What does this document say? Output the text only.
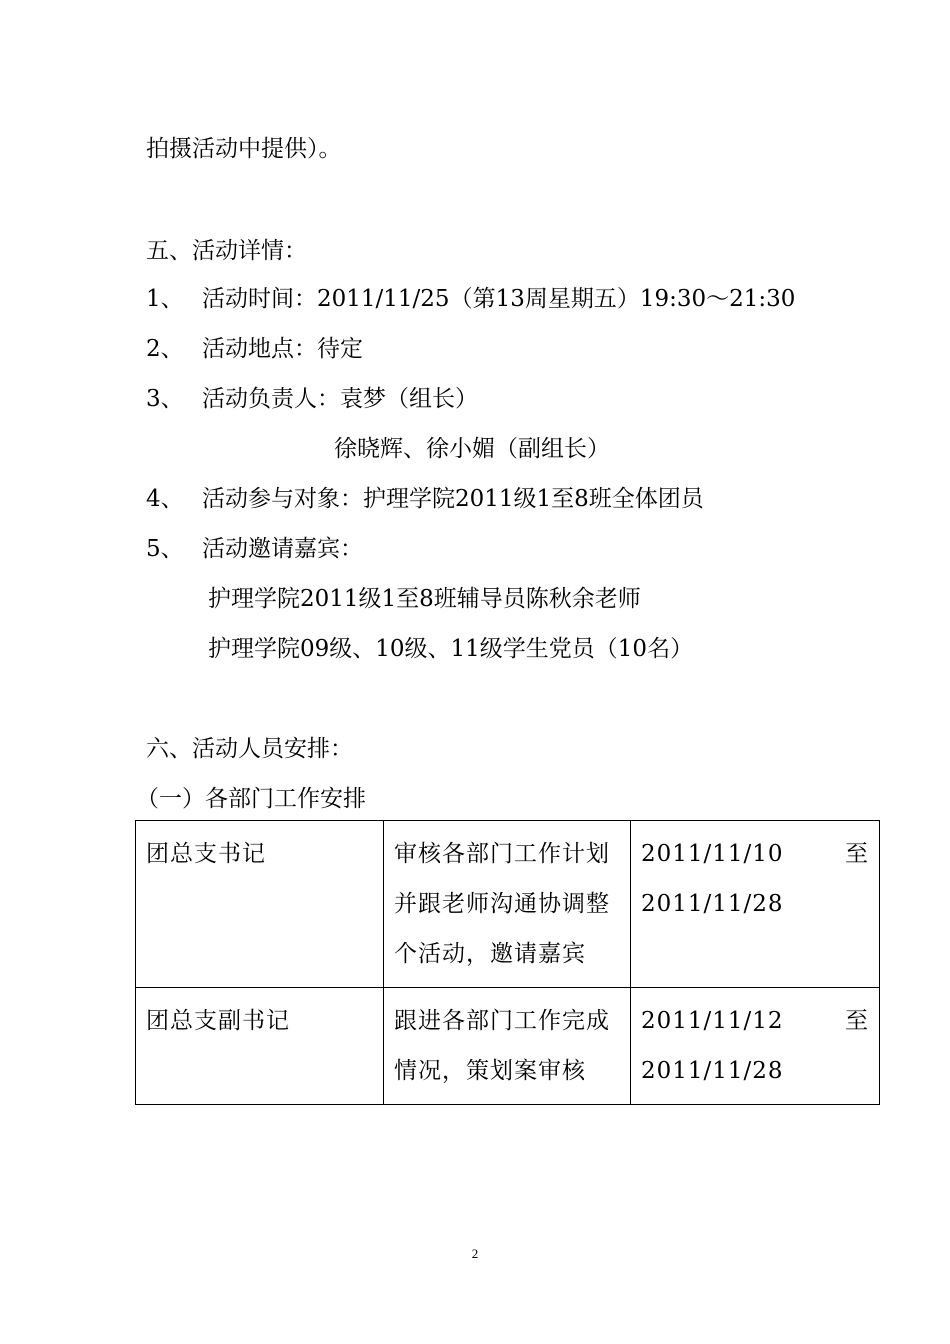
拍摄活动中提供）。
五、活动详情：
1、 活动时间：2011/11/25（第13周星期五）19:30～21:30
2、 活动地点：待定
3、 活动负责人：袁梦（组长）
徐晓辉、徐小媚（副组长）
4、 活动参与对象：护理学院2011级1至8班全体团员
5、 活动邀请嘉宾：
护理学院2011级1至8班辅导员陈秋余老师
护理学院09级、10级、11级学生党员（10名）
六、活动人员安排：
（一）各部门工作安排
团总支书记	审核各部门工作计划并跟老师沟通协调整个活动，邀请嘉宾	2011/11/10 至
2011/11/28

团总支副书记	跟进各部门工作完成情况，策划案审核	2011/11/12 至
2011/11/28
2
